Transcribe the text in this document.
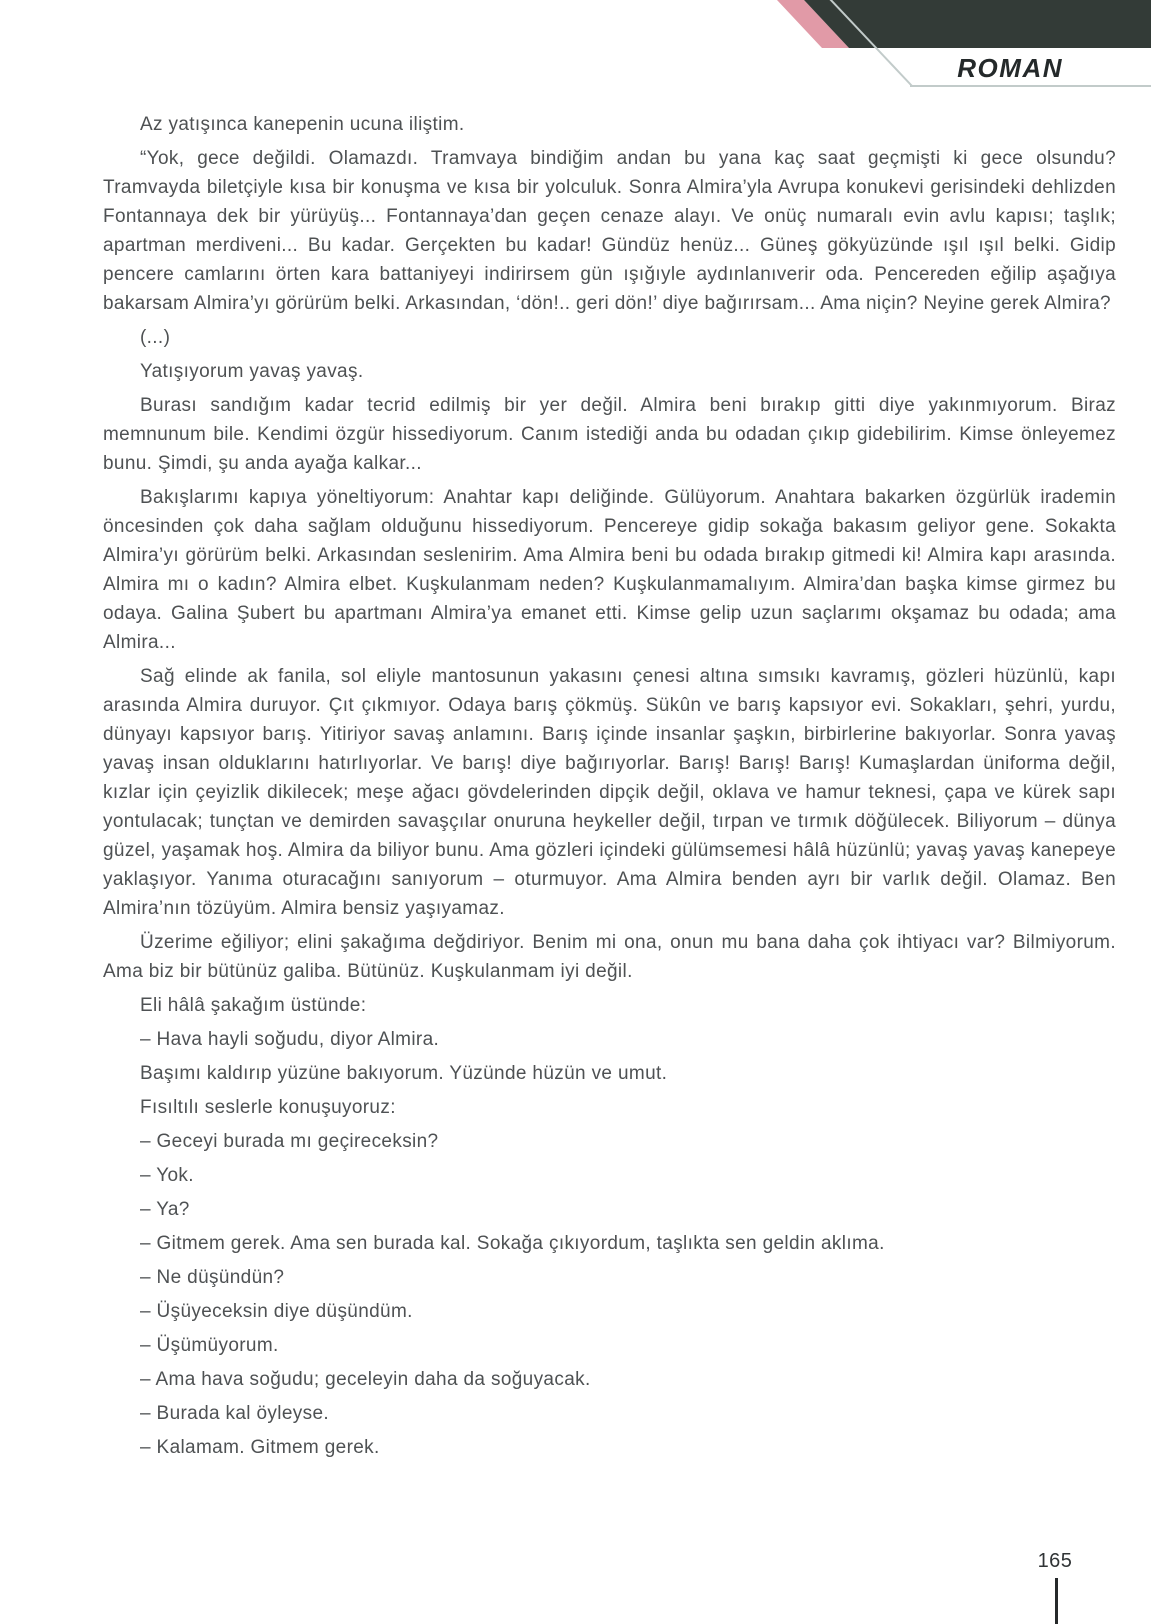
ROMAN

Az yatışınca kanepenin ucuna iliştim.

“Yok, gece değildi. Olamazdı. Tramvaya bindiğim andan bu yana kaç saat geçmişti ki gece olsundu? Tramvayda biletçiyle kısa bir konuşma ve kısa bir yolculuk. Sonra Almira’yla Avrupa konukevi gerisindeki dehlizden Fontannaya dek bir yürüyüş... Fontannaya’dan geçen cenaze alayı. Ve onüç numaralı evin avlu kapısı; taşlık; apartman merdiveni... Bu kadar. Gerçekten bu kadar! Gündüz henüz... Güneş gökyüzünde ışıl ışıl belki. Gidip pencere camlarını örten kara battaniyeyi indirirsem gün ışığıyle aydınlanıverir oda. Pencereden eğilip aşağıya bakarsam Almira’yı görürüm belki. Arkasından, ‘dön!.. geri dön!’ diye bağırırsam... Ama niçin? Neyine gerek Almira?

(...)

Yatışıyorum yavaş yavaş.

Burası sandığım kadar tecrid edilmiş bir yer değil. Almira beni bırakıp gitti diye yakınmıyorum. Biraz memnunum bile. Kendimi özgür hissediyorum. Canım istediği anda bu odadan çıkıp gidebilirim. Kimse önleyemez bunu. Şimdi, şu anda ayağa kalkar...

Bakışlarımı kapıya yöneltiyorum: Anahtar kapı deliğinde. Gülüyorum. Anahtara bakarken özgürlük irademin öncesinden çok daha sağlam olduğunu hissediyorum. Pencereye gidip sokağa bakasım geliyor gene. Sokakta Almira’yı görürüm belki. Arkasından seslenirim. Ama Almira beni bu odada bırakıp gitmedi ki! Almira kapı arasında. Almira mı o kadın? Almira elbet. Kuşkulanmam neden? Kuşkulanmamalıyım. Almira’dan başka kimse girmez bu odaya. Galina Şubert bu apartmanı Almira’ya emanet etti. Kimse gelip uzun saçlarımı okşamaz bu odada; ama Almira...

Sağ elinde ak fanila, sol eliyle mantosunun yakasını çenesi altına sımsıkı kavramış, gözleri hüzünlü, kapı arasında Almira duruyor. Çıt çıkmıyor. Odaya barış çökmüş. Sükûn ve barış kapsıyor evi. Sokakları, şehri, yurdu, dünyayı kapsıyor barış. Yitiriyor savaş anlamını. Barış içinde insanlar şaşkın, birbirlerine bakıyorlar. Sonra yavaş yavaş insan olduklarını hatırlıyorlar. Ve barış! diye bağırıyorlar. Barış! Barış! Barış! Kumaşlardan üniforma değil, kızlar için çeyizlik dikilecek; meşe ağacı gövdelerinden dipçik değil, oklava ve hamur teknesi, çapa ve kürek sapı yontulacak; tunçtan ve demirden savaşçılar onuruna heykeller değil, tırpan ve tırmık döğülecek. Biliyorum – dünya güzel, yaşamak hoş. Almira da biliyor bunu. Ama gözleri içindeki gülümsemesi hâlâ hüzünlü; yavaş yavaş kanepeye yaklaşıyor. Yanıma oturacağını sanıyorum – oturmuyor. Ama Almira benden ayrı bir varlık değil. Olamaz. Ben Almira’nın tözüyüm. Almira bensiz yaşıyamaz.

Üzerime eğiliyor; elini şakağıma değdiriyor. Benim mi ona, onun mu bana daha çok ihtiyacı var? Bilmiyorum. Ama biz bir bütünüz galiba. Bütünüz. Kuşkulanmam iyi değil.

Eli hâlâ şakağım üstünde:

– Hava hayli soğudu, diyor Almira.

Başımı kaldırıp yüzüne bakıyorum. Yüzünde hüzün ve umut.

Fısıltılı seslerle konuşuyoruz:

– Geceyi burada mı geçireceksin?

– Yok.

– Ya?

– Gitmem gerek. Ama sen burada kal. Sokağa çıkıyordum, taşlıkta sen geldin aklıma.

– Ne düşündün?

– Üşüyeceksin diye düşündüm.

– Üşümüyorum.

– Ama hava soğudu; geceleyin daha da soğuyacak.

– Burada kal öyleyse.

– Kalamam. Gitmem gerek.

165
